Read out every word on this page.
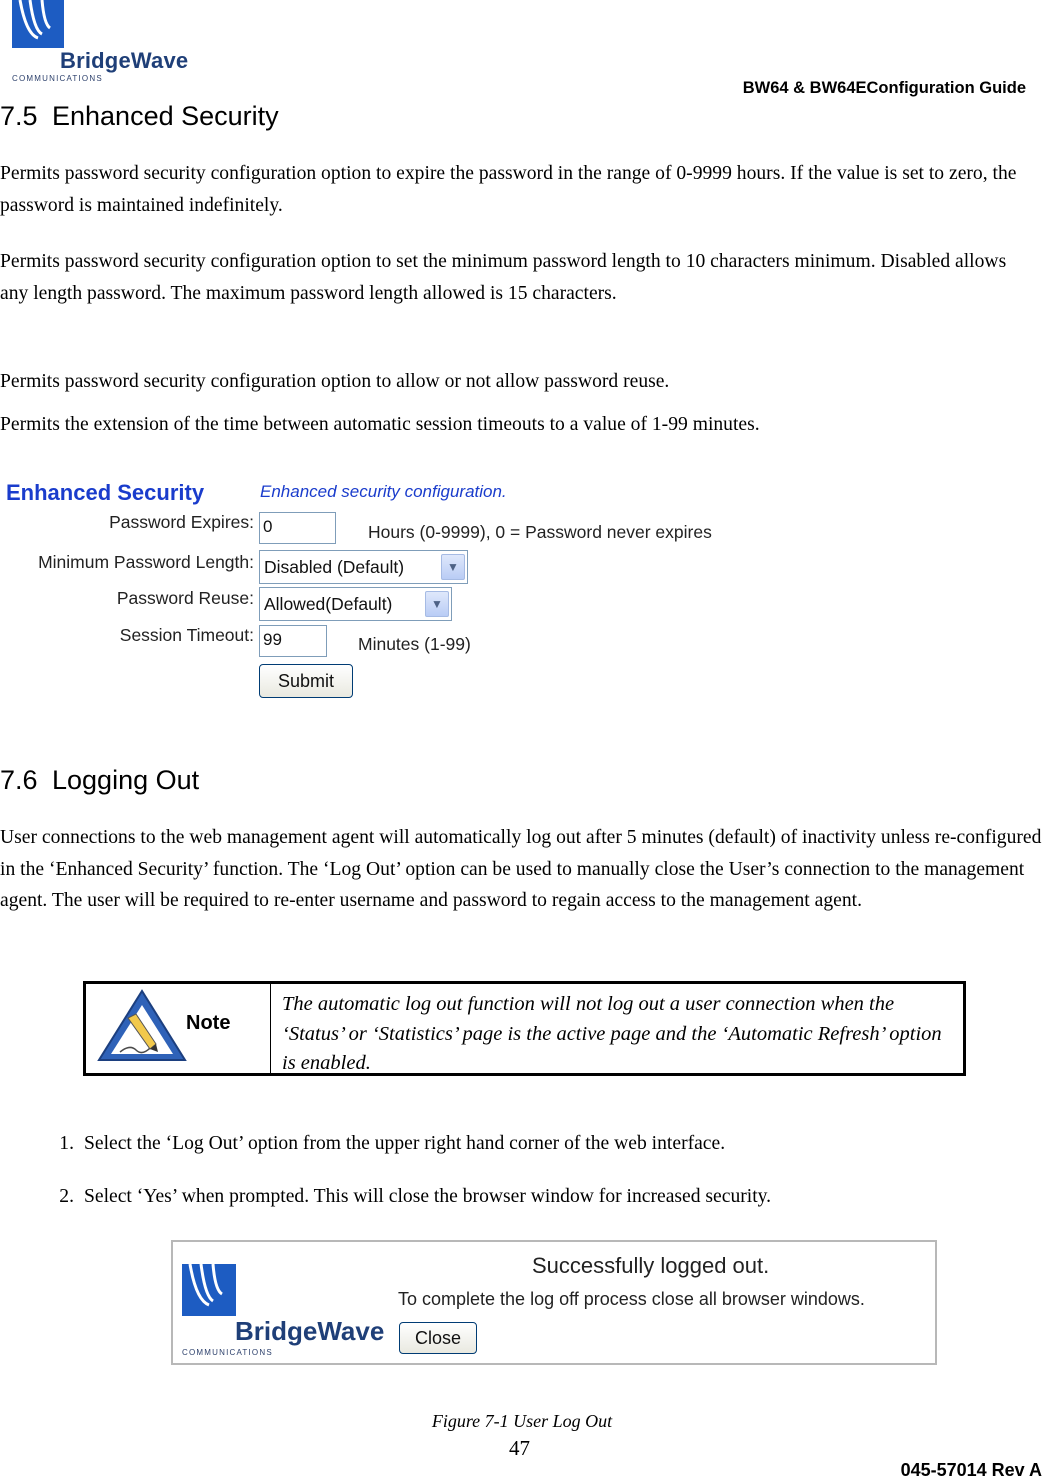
BridgeWave
COMMUNICATIONS
BW64 & BW64EConfiguration Guide
7.5 Enhanced Security

Permits password security configuration option to expire the password in the range of 0-9999 hours. If the value is set to zero, the password is maintained indefinitely.

Permits password security configuration option to set the minimum password length to 10 characters minimum. Disabled allows any length password. The maximum password length allowed is 15 characters.

Permits password security configuration option to allow or not allow password reuse.

Permits the extension of the time between automatic session timeouts to a value of 1-99 minutes.

Enhanced Security	Enhanced security configuration.
Password Expires: 0	Hours (0-9999), 0 = Password never expires
Minimum Password Length: Disabled (Default)	▼
Password Reuse: Allowed(Default)	▼
Session Timeout: 99	Minutes (1-99)
Submit
7.6 Logging Out

User connections to the web management agent will automatically log out after 5 minutes (default) of inactivity unless re-configured in the ‘Enhanced Security’ function. The ‘Log Out’ option can be used to manually close the User’s connection to the management agent. The user will be required to re-enter username and password to regain access to the management agent.

Note
The automatic log out function will not log out a user connection when the ‘Status’ or ‘Statistics’ page is the active page and the ‘Automatic Refresh’ option is enabled.
1. Select the ‘Log Out’ option from the upper right hand corner of the web interface.
2. Select ‘Yes’ when prompted. This will close the browser window for increased security.
BridgeWave
COMMUNICATIONS
Successfully logged out.
To complete the log off process close all browser windows.
Close
Figure 7-1 User Log Out
47
045-57014 Rev A
